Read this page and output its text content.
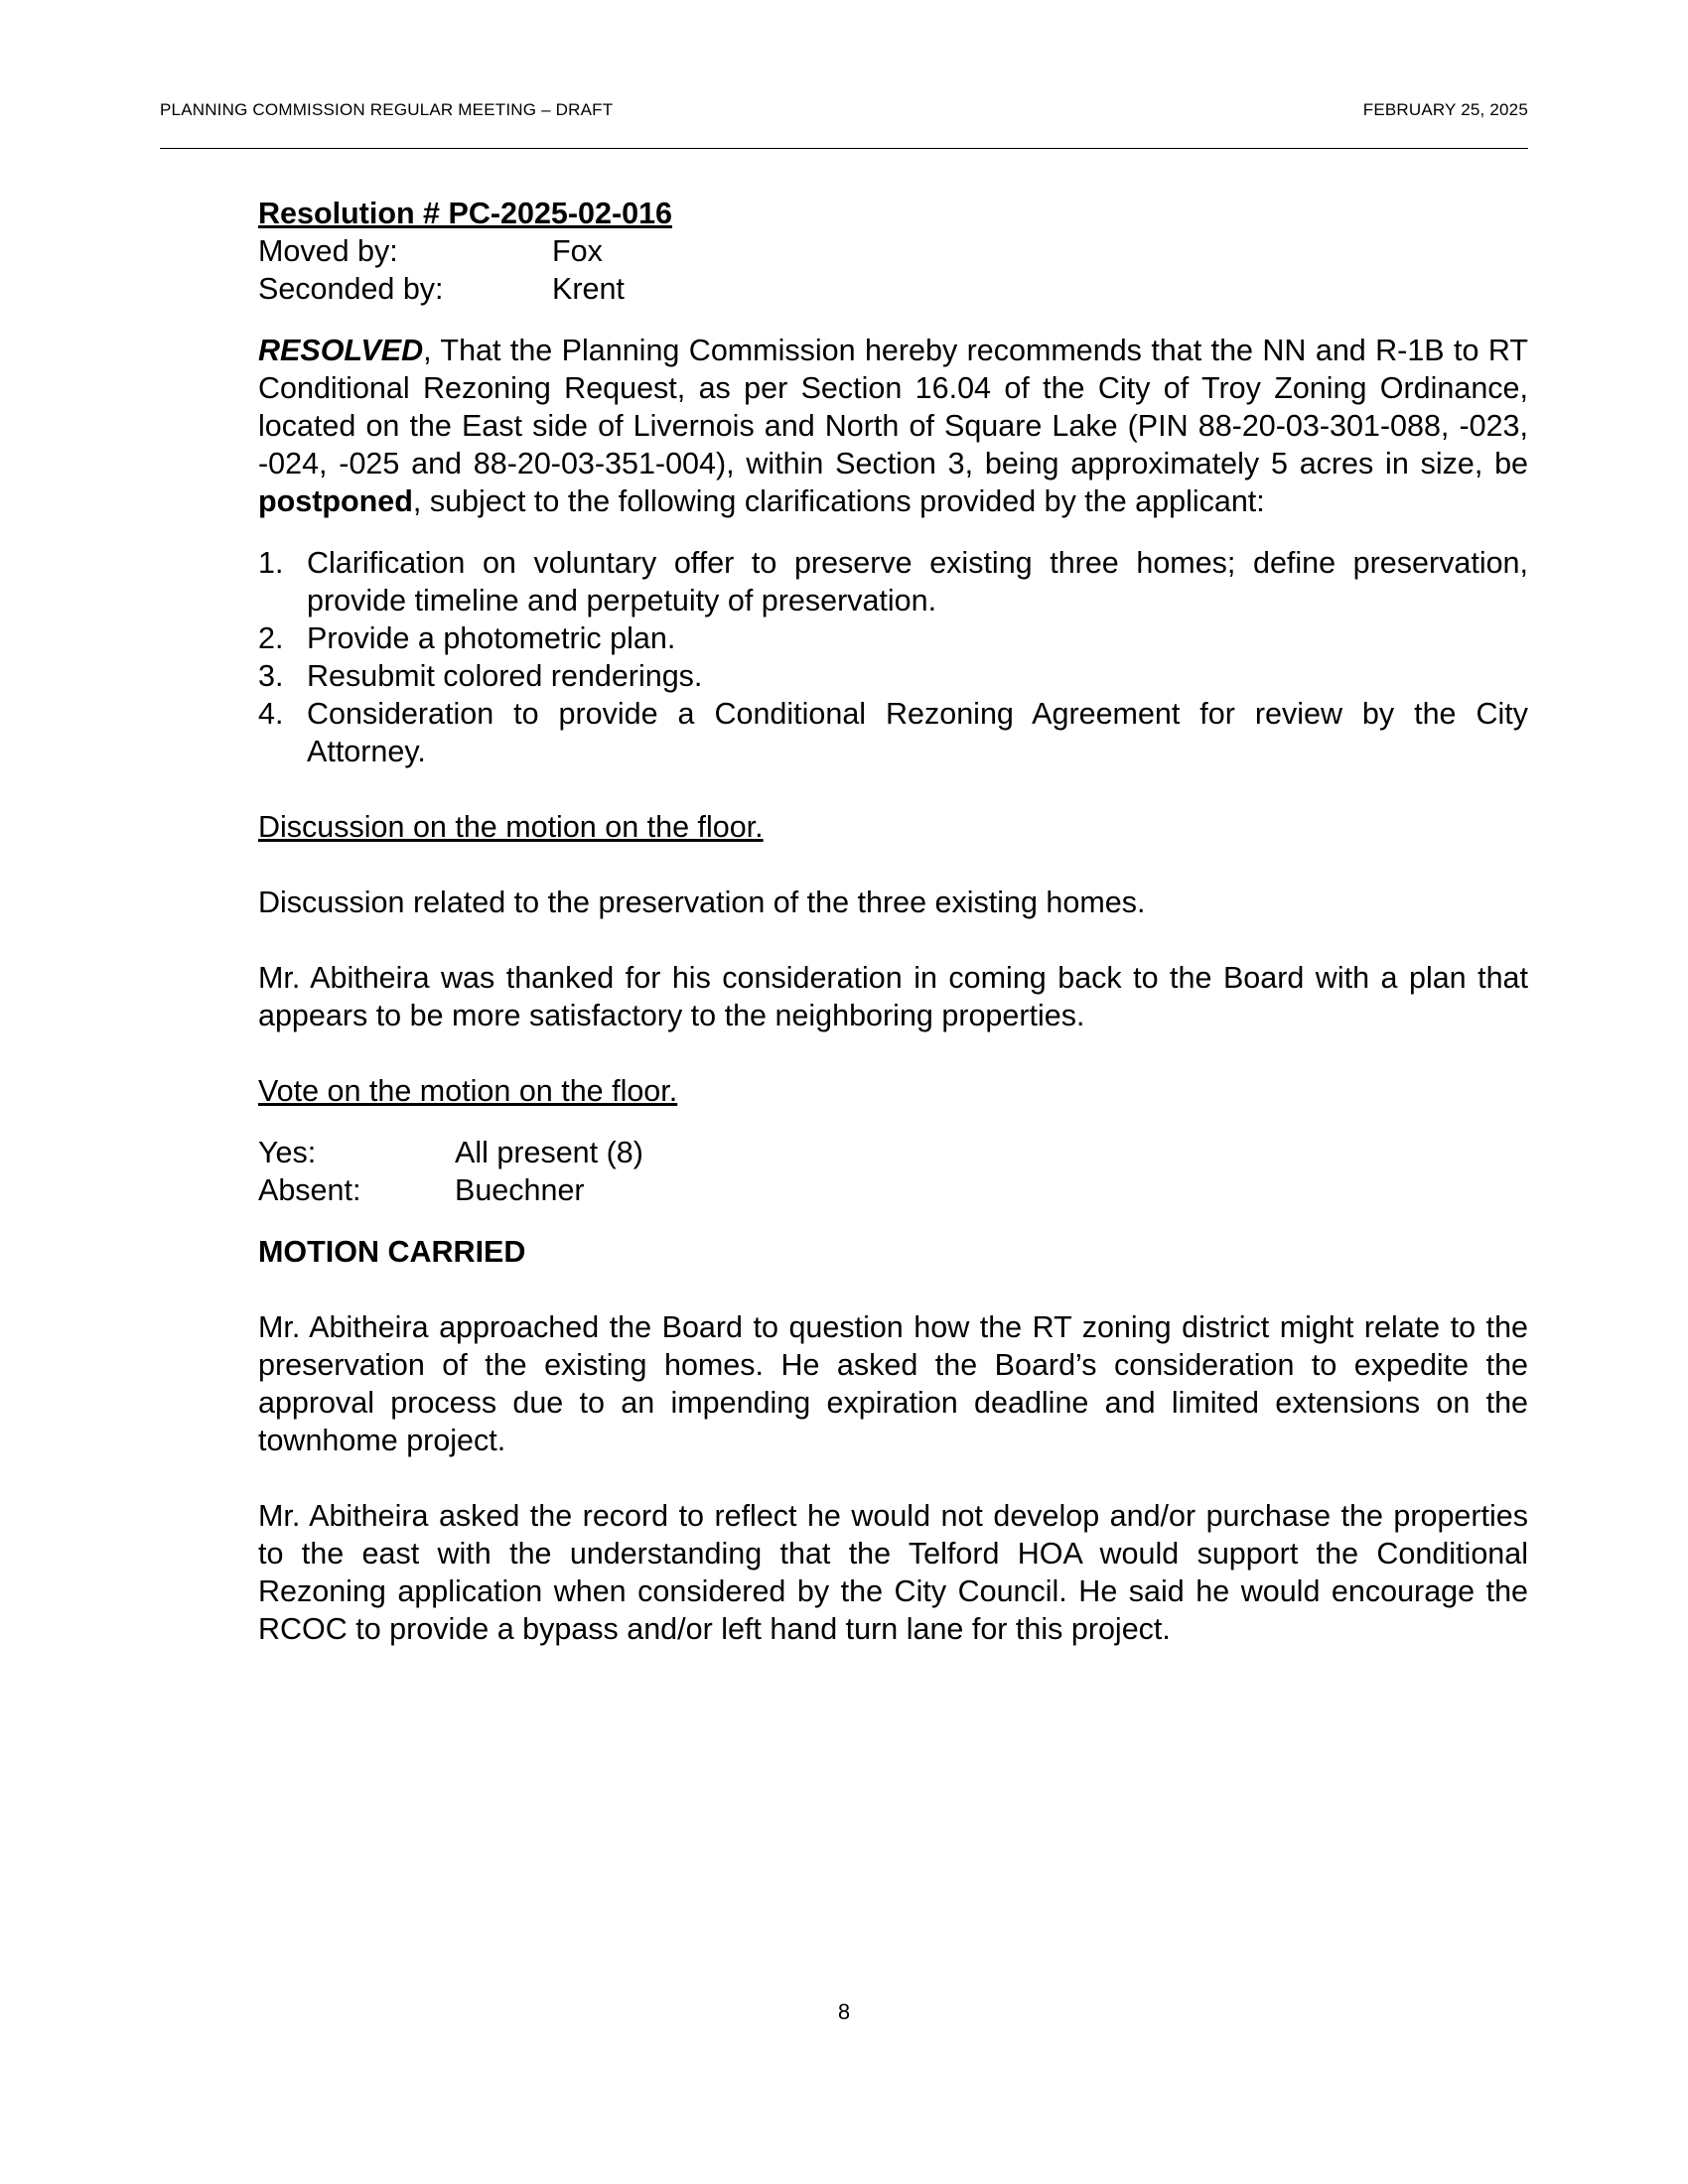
PLANNING COMMISSION REGULAR MEETING – DRAFT	FEBRUARY 25, 2025

Resolution # PC-2025-02-016

Moved by:	Fox
Seconded by:	Krent

RESOLVED, That the Planning Commission hereby recommends that the NN and R-1B to RT Conditional Rezoning Request, as per Section 16.04 of the City of Troy Zoning Ordinance, located on the East side of Livernois and North of Square Lake (PIN 88-20-03-301-088, -023, -024, -025 and 88-20-03-351-004), within Section 3, being approximately 5 acres in size, be postponed, subject to the following clarifications provided by the applicant:

1. Clarification on voluntary offer to preserve existing three homes; define preservation, provide timeline and perpetuity of preservation.
2. Provide a photometric plan.
3. Resubmit colored renderings.
4. Consideration to provide a Conditional Rezoning Agreement for review by the City Attorney.

Discussion on the motion on the floor.

Discussion related to the preservation of the three existing homes.

Mr. Abitheira was thanked for his consideration in coming back to the Board with a plan that appears to be more satisfactory to the neighboring properties.

Vote on the motion on the floor.

Yes:	All present (8)
Absent:	Buechner

MOTION CARRIED

Mr. Abitheira approached the Board to question how the RT zoning district might relate to the preservation of the existing homes. He asked the Board’s consideration to expedite the approval process due to an impending expiration deadline and limited extensions on the townhome project.

Mr. Abitheira asked the record to reflect he would not develop and/or purchase the properties to the east with the understanding that the Telford HOA would support the Conditional Rezoning application when considered by the City Council. He said he would encourage the RCOC to provide a bypass and/or left hand turn lane for this project.

8
